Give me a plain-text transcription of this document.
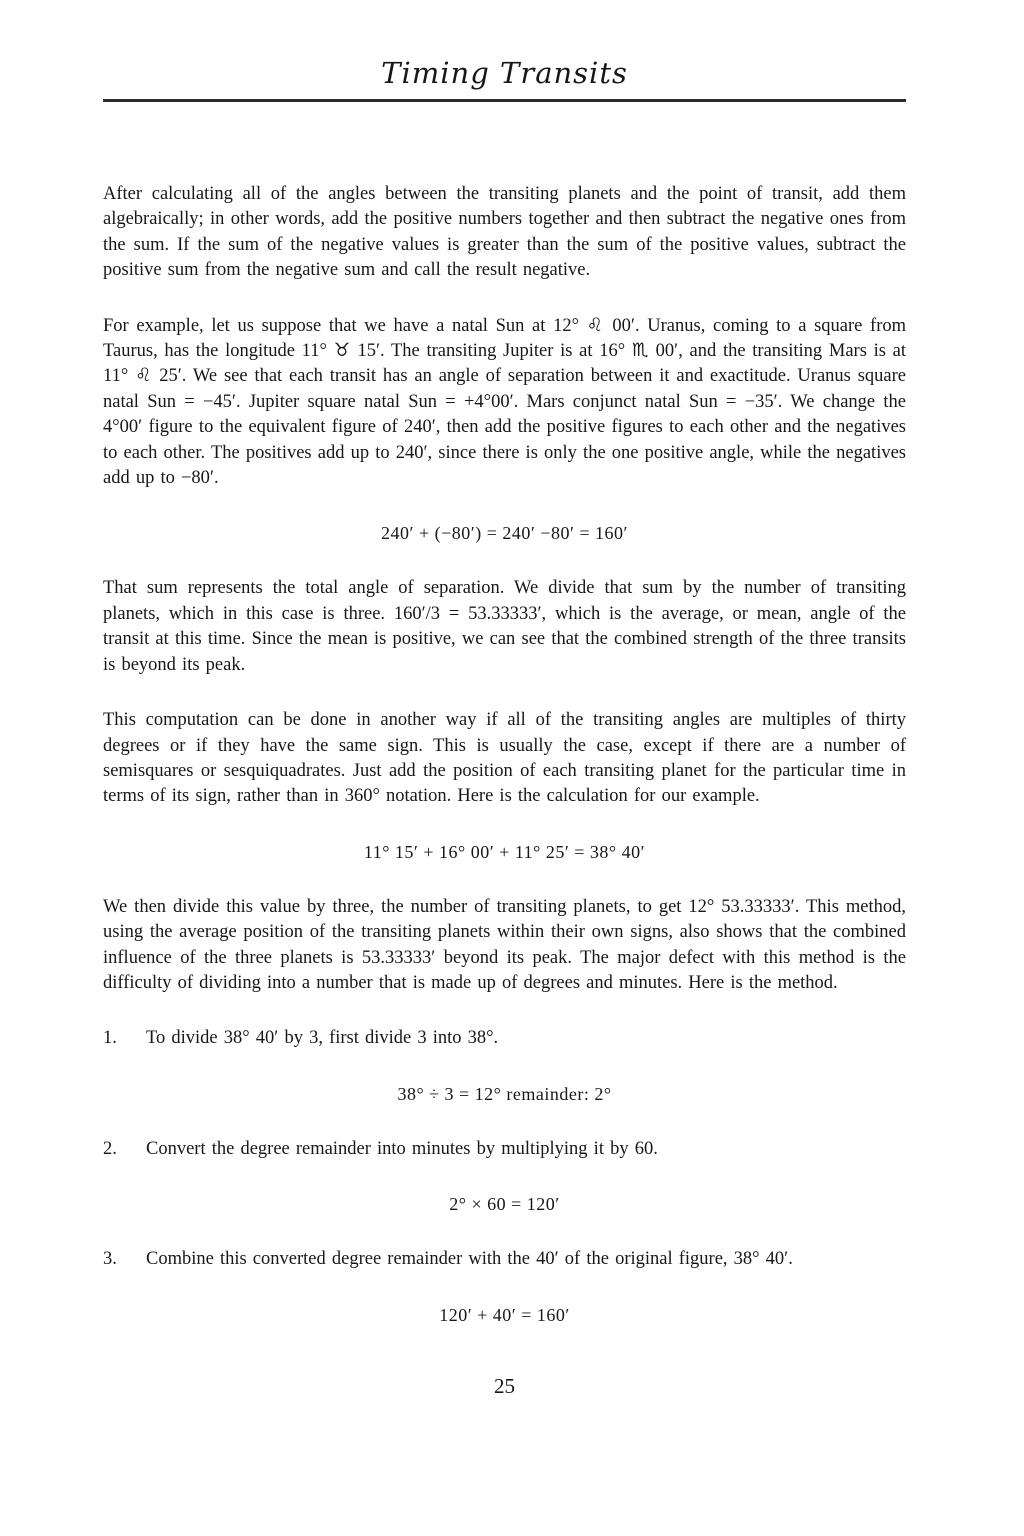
Timing Transits

After calculating all of the angles between the transiting planets and the point of transit, add them algebraically; in other words, add the positive numbers together and then subtract the negative ones from the sum. If the sum of the negative values is greater than the sum of the positive values, subtract the positive sum from the negative sum and call the result negative.

For example, let us suppose that we have a natal Sun at 12° ♌ 00′. Uranus, coming to a square from Taurus, has the longitude 11° ♉ 15′. The transiting Jupiter is at 16° ♏ 00′, and the transiting Mars is at 11° ♌ 25′. We see that each transit has an angle of separation between it and exactitude. Uranus square natal Sun = −45′. Jupiter square natal Sun = +4°00′. Mars conjunct natal Sun = −35′. We change the 4°00′ figure to the equivalent figure of 240′, then add the positive figures to each other and the negatives to each other. The positives add up to 240′, since there is only the one positive angle, while the negatives add up to −80′.

240′ + (−80′) = 240′ −80′ = 160′

That sum represents the total angle of separation. We divide that sum by the number of transiting planets, which in this case is three. 160′/3 = 53.33333′, which is the average, or mean, angle of the transit at this time. Since the mean is positive, we can see that the combined strength of the three transits is beyond its peak.

This computation can be done in another way if all of the transiting angles are multiples of thirty degrees or if they have the same sign. This is usually the case, except if there are a number of semisquares or sesquiquadrates. Just add the position of each transiting planet for the particular time in terms of its sign, rather than in 360° notation. Here is the calculation for our example.

11° 15′ + 16° 00′ + 11° 25′ = 38° 40′

We then divide this value by three, the number of transiting planets, to get 12° 53.33333′. This method, using the average position of the transiting planets within their own signs, also shows that the combined influence of the three planets is 53.33333′ beyond its peak. The major defect with this method is the difficulty of dividing into a number that is made up of degrees and minutes. Here is the method.

1.	To divide 38° 40′ by 3, first divide 3 into 38°.
38° ÷ 3 = 12° remainder: 2°
2.	Convert the degree remainder into minutes by multiplying it by 60.
2° × 60 = 120′
3.	Combine this converted degree remainder with the 40′ of the original figure, 38° 40′.
120′ + 40′ = 160′
25
